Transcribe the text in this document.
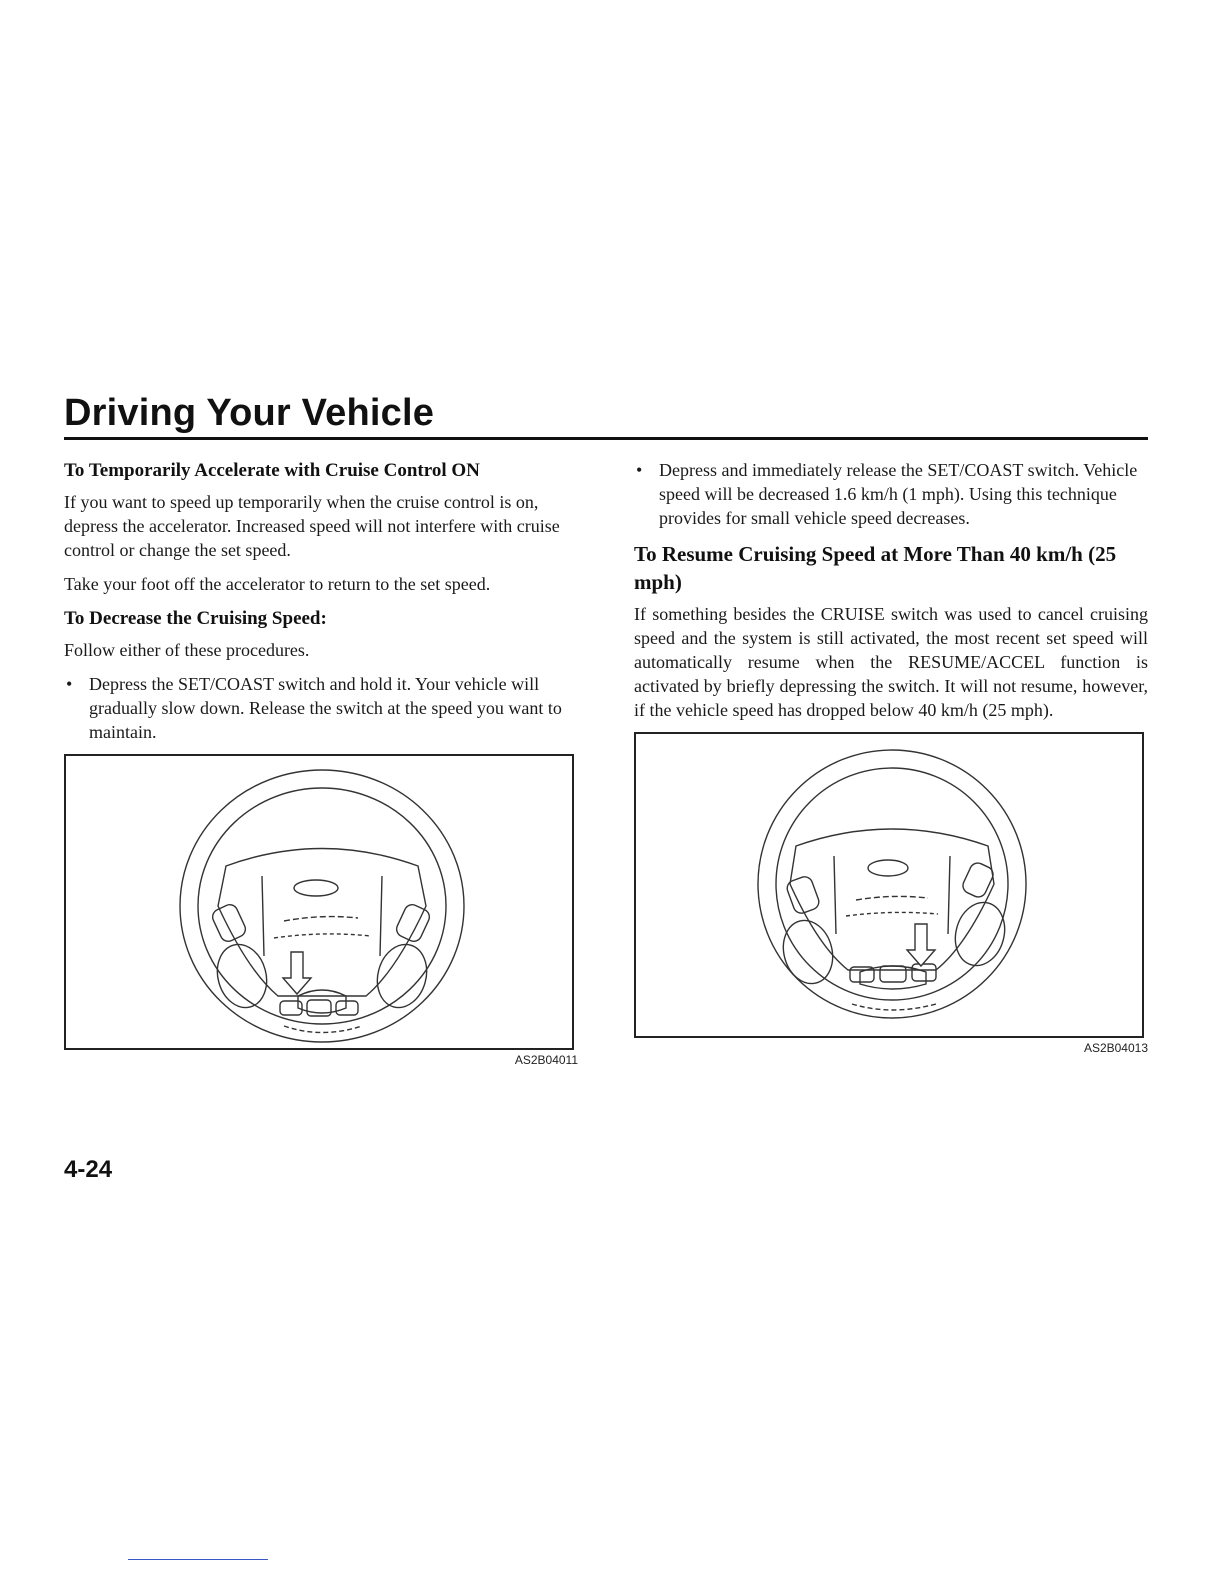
Driving Your Vehicle
To Temporarily Accelerate with Cruise Control ON

If you want to speed up temporarily when the cruise control is on, depress the accelerator. Increased speed will not interfere with cruise control or change the set speed.

Take your foot off the accelerator to return to the set speed.

To Decrease the Cruising Speed:

Follow either of these procedures.

• Depress the SET/COAST switch and hold it. Your vehicle will gradually slow down. Release the switch at the speed you want to maintain.
AS2B04011
• Depress and immediately release the SET/COAST switch. Vehicle speed will be decreased 1.6 km/h (1 mph). Using this technique provides for small vehicle speed decreases.
To Resume Cruising Speed at More Than 40 km/h (25 mph)

If something besides the CRUISE switch was used to cancel cruising speed and the system is still activated, the most recent set speed will automatically resume when the RESUME/ACCEL function is activated by briefly depressing the switch. It will not resume, however, if the vehicle speed has dropped below 40 km/h (25 mph).

AS2B04013
4-24
